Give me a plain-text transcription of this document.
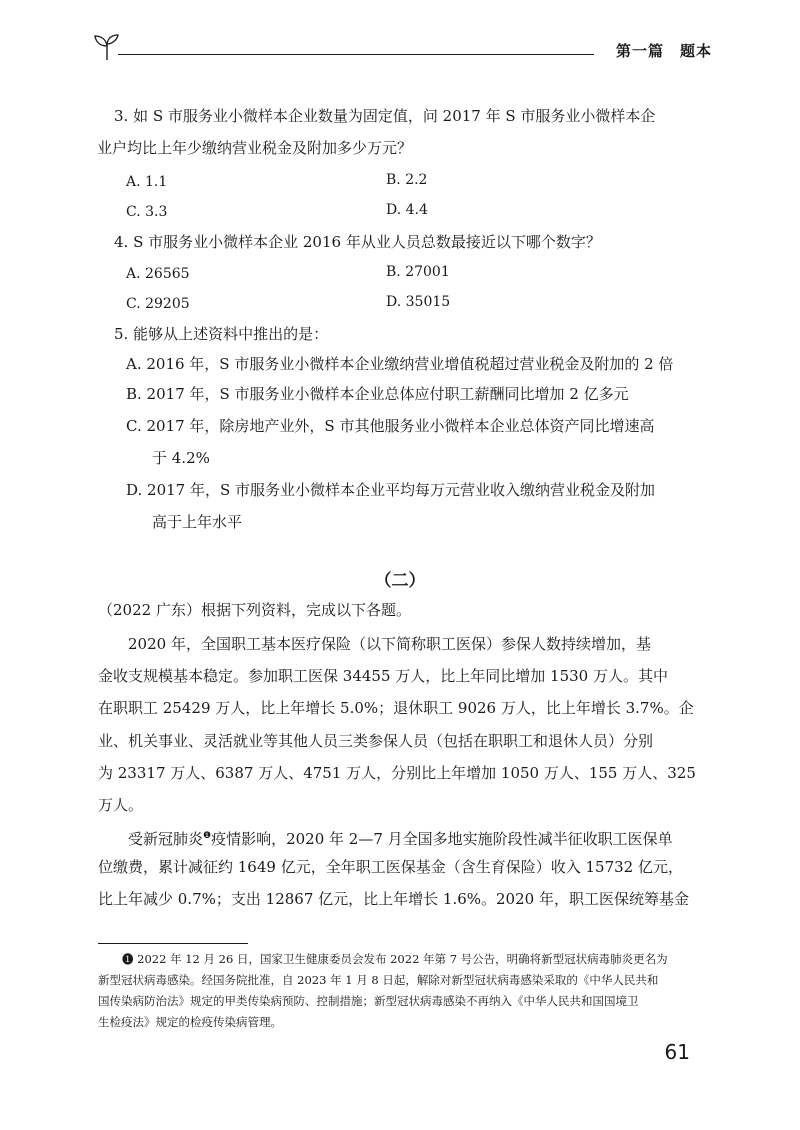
第一篇　题本
3. 如 S 市服务业小微样本企业数量为固定值，问 2017 年 S 市服务业小微样本企
业户均比上年少缴纳营业税金及附加多少万元？
A. 1.1	B. 2.2
C. 3.3	D. 4.4
4. S 市服务业小微样本企业 2016 年从业人员总数最接近以下哪个数字？
A. 26565	B. 27001
C. 29205	D. 35015
5. 能够从上述资料中推出的是：
A. 2016 年，S 市服务业小微样本企业缴纳营业增值税超过营业税金及附加的 2 倍
B. 2017 年，S 市服务业小微样本企业总体应付职工薪酬同比增加 2 亿多元
C. 2017 年，除房地产业外，S 市其他服务业小微样本企业总体资产同比增速高
于 4.2%
D. 2017 年，S 市服务业小微样本企业平均每万元营业收入缴纳营业税金及附加
高于上年水平
（二）
（2022 广东）根据下列资料，完成以下各题。
2020 年，全国职工基本医疗保险（以下简称职工医保）参保人数持续增加，基
金收支规模基本稳定。参加职工医保 34455 万人，比上年同比增加 1530 万人。其中
在职职工 25429 万人，比上年增长 5.0%；退休职工 9026 万人，比上年增长 3.7%。企
业、机关事业、灵活就业等其他人员三类参保人员（包括在职职工和退休人员）分别
为 23317 万人、6387 万人、4751 万人，分别比上年增加 1050 万人、155 万人、325
万人。
受新冠肺炎$^❶$疫情影响，2020 年 2—7 月全国多地实施阶段性减半征收职工医保单
位缴费，累计减征约 1649 亿元，全年职工医保基金（含生育保险）收入 15732 亿元，
比上年减少 0.7%；支出 12867 亿元，比上年增长 1.6%。2020 年，职工医保统筹基金
❶ 2022 年 12 月 26 日，国家卫生健康委员会发布 2022 年第 7 号公告，明确将新型冠状病毒肺炎更名为
新型冠状病毒感染。经国务院批准，自 2023 年 1 月 8 日起，解除对新型冠状病毒感染采取的《中华人民共和
国传染病防治法》规定的甲类传染病预防、控制措施；新型冠状病毒感染不再纳入《中华人民共和国国境卫
生检疫法》规定的检疫传染病管理。
61
